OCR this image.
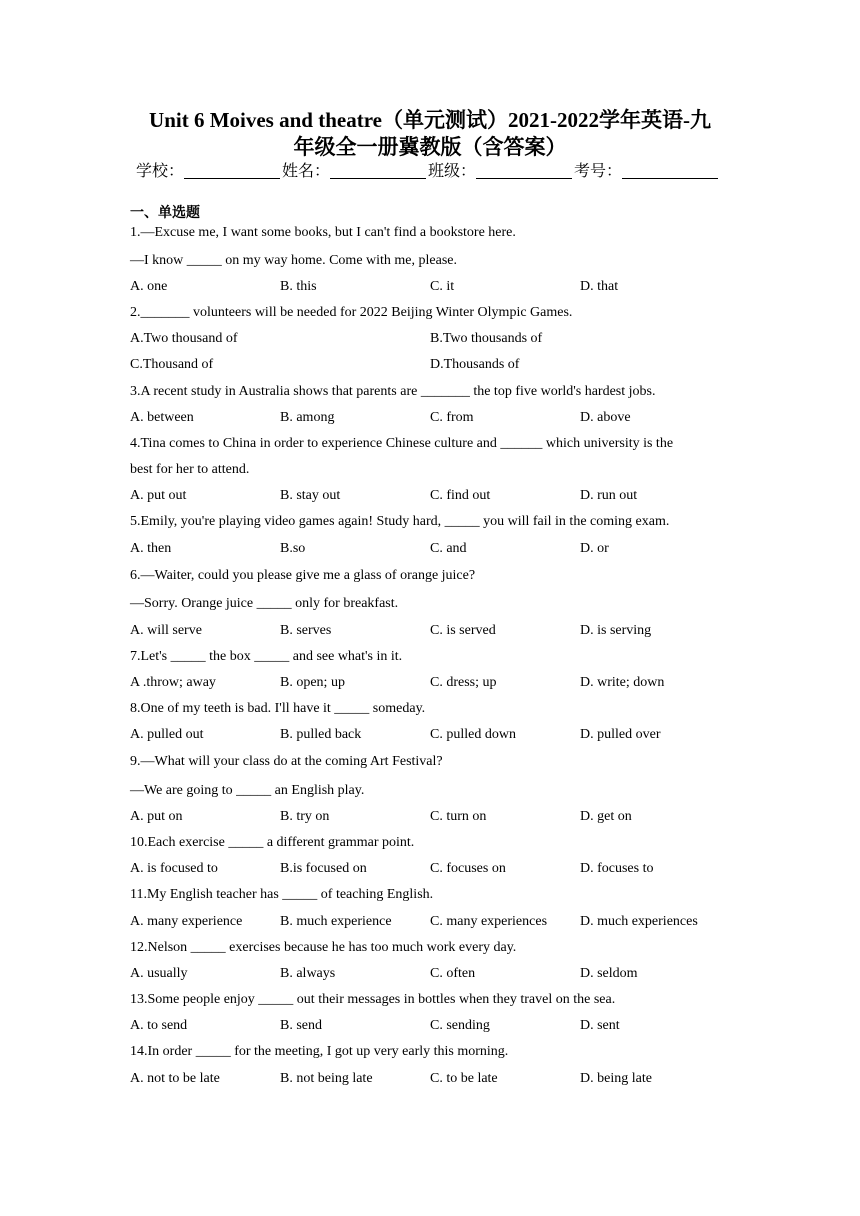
Unit 6 Moives and theatre（单元测试）2021-2022学年英语-九
年级全一册冀教版（含答案）
学校：	姓名：	班级：	考号：
一、单选题
1.—Excuse me, I want some books, but I can't find a bookstore here.
—I know _____ on my way home. Come with me, please.
A. one	B. this	C. it	D. that
2._______ volunteers will be needed for 2022 Beijing Winter Olympic Games.
A.Two thousand of	B.Two thousands of
C.Thousand of	D.Thousands of
3.A recent study in Australia shows that parents are _______ the top five world's hardest jobs.
A. between	B. among	C. from	D. above
4.Tina comes to China in order to experience Chinese culture and ______ which university is the
best for her to attend.
A. put out	B. stay out	C. find out	D. run out
5.Emily, you're playing video games again! Study hard, _____ you will fail in the coming exam.
A. then	B.so	C. and	D. or
6.—Waiter, could you please give me a glass of orange juice?
—Sorry. Orange juice _____ only for breakfast.
A. will serve	B. serves	C. is served	D. is serving
7.Let's _____ the box _____ and see what's in it.
A .throw; away	B. open; up	C. dress; up	D. write; down
8.One of my teeth is bad. I'll have it _____ someday.
A. pulled out	B. pulled back	C. pulled down	D. pulled over
9.—What will your class do at the coming Art Festival?
—We are going to _____ an English play.
A. put on	B. try on	C. turn on	D. get on
10.Each exercise _____ a different grammar point.
A. is focused to	B.is focused on	C. focuses on	D. focuses to
11.My English teacher has _____ of teaching English.
A. many experience	B. much experience	C. many experiences D. much experiences
12.Nelson _____ exercises because he has too much work every day.
A. usually	B. always	C. often	D. seldom
13.Some people enjoy _____ out their messages in bottles when they travel on the sea.
A. to send	B. send	C. sending	D. sent
14.In order _____ for the meeting, I got up very early this morning.
A. not to be late	B. not being late	C. to be late	D. being late
